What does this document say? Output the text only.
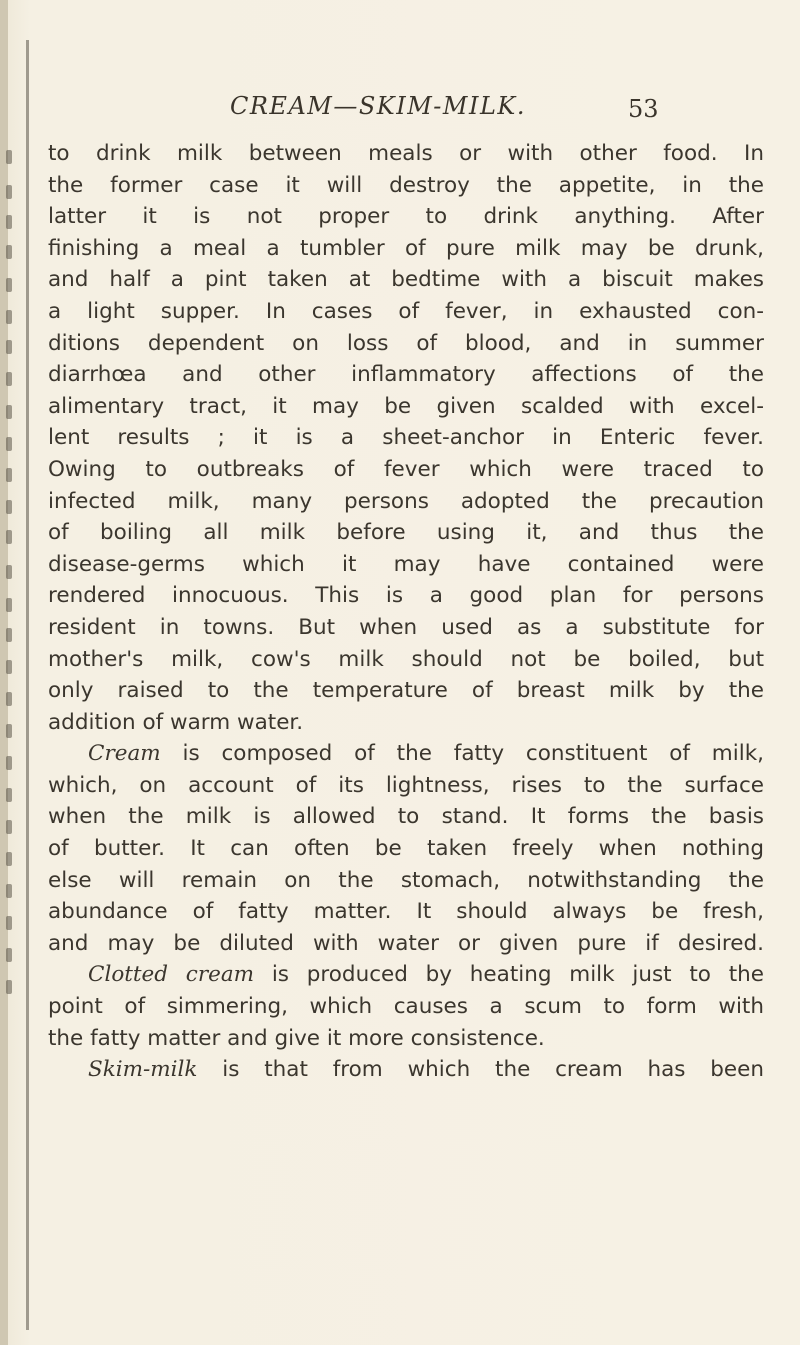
CREAM—SKIM-MILK.	53
to drink milk between meals or with other food. In
the former case it will destroy the appetite, in the
latter it is not proper to drink anything. After
finishing a meal a tumbler of pure milk may be drunk,
and half a pint taken at bedtime with a biscuit makes
a light supper. In cases of fever, in exhausted con-
ditions dependent on loss of blood, and in summer
diarrhœa and other inflammatory affections of the
alimentary tract, it may be given scalded with excel-
lent results ; it is a sheet-anchor in Enteric fever.
Owing to outbreaks of fever which were traced to
infected milk, many persons adopted the precaution
of boiling all milk before using it, and thus the
disease-germs which it may have contained were
rendered innocuous. This is a good plan for persons
resident in towns. But when used as a substitute for
mother's milk, cow's milk should not be boiled, but
only raised to the temperature of breast milk by the
addition of warm water.
Cream is composed of the fatty constituent of milk,
which, on account of its lightness, rises to the surface
when the milk is allowed to stand. It forms the basis
of butter. It can often be taken freely when nothing
else will remain on the stomach, notwithstanding the
abundance of fatty matter. It should always be fresh,
and may be diluted with water or given pure if desired.
Clotted cream is produced by heating milk just to the
point of simmering, which causes a scum to form with
the fatty matter and give it more consistence.
Skim-milk is that from which the cream has been
